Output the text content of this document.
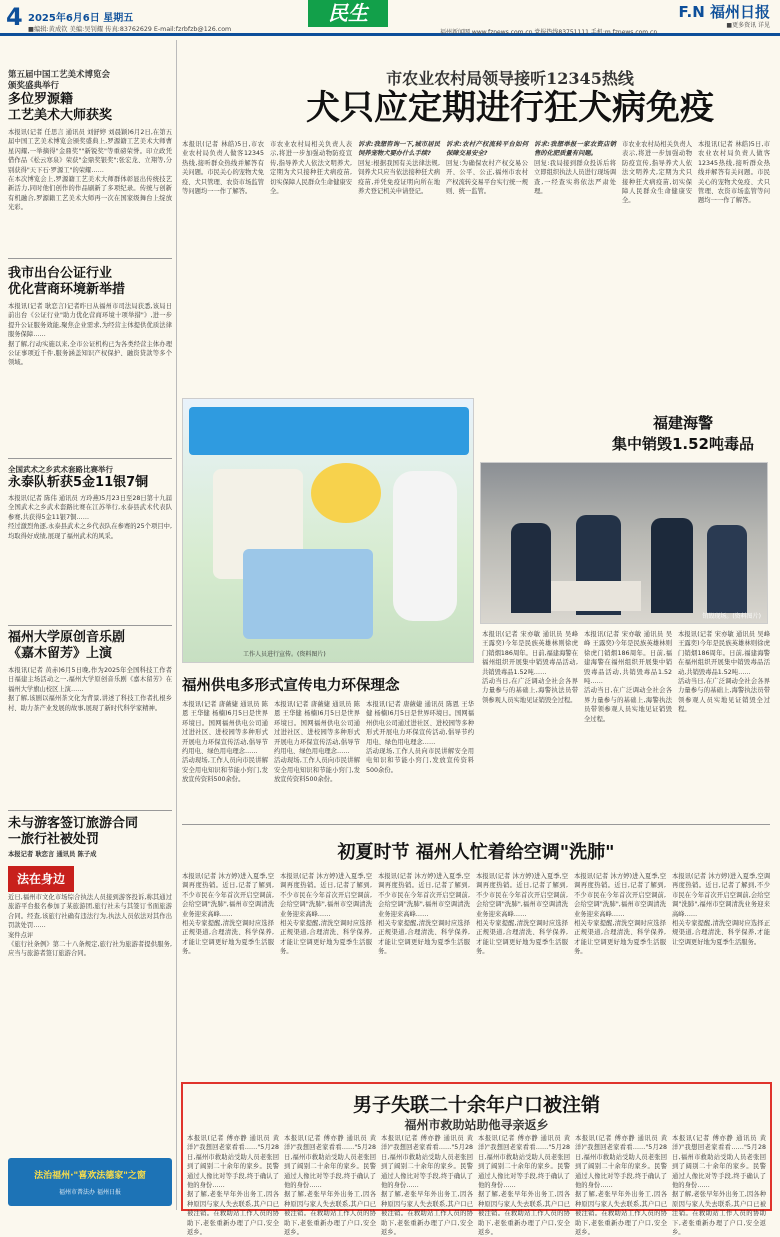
4 2025年6月6日 星期五
■编辑:黄成钦 美编:吴钊耀 传真:83762629 E-mail:fzrbfzb@126.com
民生	F.N 福州日报
■更多资讯 详见
福州新闻网 www.fznews.com.cn 党报热线83751111 手机:m.fznews.com.cn
第五届中国工艺美术博览会
颁奖盛典举行
多位罗源籍
工艺美术大师获奖
本报讯(记者 任思言 通讯员 刘舒婷 刘晨颖)6月2日,在第五届中国工艺美术博览会颁奖盛典上,罗源籍工艺美术大师曹星闪耀,一举摘得"金鼎奖""新锐奖"等重磅荣誉。印立政凭借作品《松云寒泉》荣获"金鼎奖银奖";张宏龙、立翔等,分别获得"天下石·罗源工"的荣耀……
在本次博览会上,罗源籍工艺美术大师群体彰显出传统技艺新活力,同时他们创作的作品刷新了多项纪录。传统与创新有机融合,罗源籍工艺美术大师再一次在国家级舞台上绽放光彩。
我市出台公证行业
优化营商环境新举措
本报讯(记者 耿恋言)记者昨日从福州市司法局获悉,该局日前出台《公证行业"助力优化营商环境十项举措"》,进一步提升公证服务效能,聚焦企业需求,为经营主体提供优质法律服务保障……
据了解,行动实施以来,全市公证机构已为各类经营主体办理公证事项近千件,服务涵盖知识产权保护、融资贷款等多个领域。
全国武术之乡武术套路比赛举行
永泰队斩获5金11银7铜
本报讯(记者 陈伟 通讯员 方玲燕)5月23日至28日第十九届全国武术之乡武术套路比赛在江苏举行,永泰县武术代表队参赛,共获得5金11银7铜……
经过激烈角逐,永泰县武术之乡代表队在参赛的25个项目中,均取得好成绩,展现了福州武术的风采。
福州大学原创音乐剧
《嘉木留芳》上演
本报讯(记者 黄赤)6月5日晚,作为2025年全国科技工作者日福建主场活动之一,福州大学原创音乐剧《嘉木留芳》在福州大学旗山校区上演……
据了解,该剧以福州茶文化为背景,讲述了科技工作者扎根乡村、助力茶产业发展的故事,展现了新时代科学家精神。
未与游客签订旅游合同
一旅行社被处罚
本报记者 耿恋言 通讯员 陈子成
法在身边
近日,福州市文化市场综合执法人员接到游客投诉,称其通过旅游平台报名参加了某旅游团,旅行社未与其签订书面旅游合同。经查,该旅行社确有违法行为,执法人员依法对其作出罚款处罚……
案件点评
《旅行社条例》第二十八条规定,旅行社为旅游者提供服务,应当与旅游者签订旅游合同。
法治福州·"喜欢法德家"之窗
福州市普法办 福州日报
市农业农村局领导接听12345热线
犬只应定期进行狂犬病免疫
本报讯(记者 林皓)5日,市农业农村局负责人做客12345热线,接听群众热线并解答有关问题。市民关心的宠物犬免疫、犬只管理、农资市场监管等问题均一一作了解答。
市农业农村局相关负责人表示,将进一步加强动物防疫宣传,指导养犬人依法文明养犬,定期为犬只接种狂犬病疫苗,切实保障人民群众生命健康安全。
诉求:我想咨询一下,城市居民饲养宠物犬要办什么手续?
回复:根据我国有关法律法规,饲养犬只应当依法接种狂犬病疫苗,并凭免疫证明向所在地养犬登记机关申请登记。
诉求:农村产权流转平台如何保障交易安全?
回复:为确保农村产权交易公开、公平、公正,福州市农村产权流转交易平台实行统一规则、统一监管。
诉求:我想举报一家农资店销售的化肥质量有问题。
回复:我局接到群众投诉后将立即组织执法人员进行现场调查,一经查实将依法严肃处理。
市农业农村局相关负责人表示,将进一步加强动物防疫宣传,指导养犬人依法文明养犬,定期为犬只接种狂犬病疫苗,切实保障人民群众生命健康安全。
本报讯(记者 林皓)5日,市农业农村局负责人做客12345热线,接听群众热线并解答有关问题。市民关心的宠物犬免疫、犬只管理、农资市场监管等问题均一一作了解答。
福建海警
集中销毁1.52吨毒品
销毁现场。(资料图片)
本报讯(记者 宋亦敏 通讯员 吴峰 王露奕)今年是民族英雄林则徐虎门销烟186周年。日前,福建海警在福州组织开展集中销毁毒品活动,共销毁毒品1.52吨……
活动当日,在广泛调动全社会各界力量参与的基础上,海警执法员带领参观人员实地见证销毁全过程。
本报讯(记者 宋亦敏 通讯员 吴峰 王露奕)今年是民族英雄林则徐虎门销烟186周年。日前,福建海警在福州组织开展集中销毁毒品活动,共销毁毒品1.52吨……
活动当日,在广泛调动全社会各界力量参与的基础上,海警执法员带领参观人员实地见证销毁全过程。
本报讯(记者 宋亦敏 通讯员 吴峰 王露奕)今年是民族英雄林则徐虎门销烟186周年。日前,福建海警在福州组织开展集中销毁毒品活动,共销毁毒品1.52吨……
活动当日,在广泛调动全社会各界力量参与的基础上,海警执法员带领参观人员实地见证销毁全过程。
工作人员进行宣传。(资料图片)
福州供电多形式宣传电力环保理念
本报讯(记者 唐薇婕 通讯员 陈恩 王华健 杨楠)6月5日是世界环境日。国网福州供电公司通过进社区、进校园等多种形式开展电力环保宣传活动,倡导节约用电、绿色用电理念……
活动现场,工作人员向市民讲解安全用电知识和节能小窍门,发放宣传资料500余份。
本报讯(记者 唐薇婕 通讯员 陈恩 王华健 杨楠)6月5日是世界环境日。国网福州供电公司通过进社区、进校园等多种形式开展电力环保宣传活动,倡导节约用电、绿色用电理念……
活动现场,工作人员向市民讲解安全用电知识和节能小窍门,发放宣传资料500余份。
本报讯(记者 唐薇婕 通讯员 陈恩 王华健 杨楠)6月5日是世界环境日。国网福州供电公司通过进社区、进校园等多种形式开展电力环保宣传活动,倡导节约用电、绿色用电理念……
活动现场,工作人员向市民讲解安全用电知识和节能小窍门,发放宣传资料500余份。
初夏时节 福州人忙着给空调"洗肺"
本报讯(记者 沐方婷)进入夏季,空调再度热销。近日,记者了解到,不少市民在今年首次开启空调前,会给空调"洗肺",福州市空调清洗业务迎来高峰……
相关专家提醒,清洗空调时应选择正规渠道,合理清洗、科学保养,才能让空调更好地为夏季生活服务。
本报讯(记者 沐方婷)进入夏季,空调再度热销。近日,记者了解到,不少市民在今年首次开启空调前,会给空调"洗肺",福州市空调清洗业务迎来高峰……
相关专家提醒,清洗空调时应选择正规渠道,合理清洗、科学保养,才能让空调更好地为夏季生活服务。
本报讯(记者 沐方婷)进入夏季,空调再度热销。近日,记者了解到,不少市民在今年首次开启空调前,会给空调"洗肺",福州市空调清洗业务迎来高峰……
相关专家提醒,清洗空调时应选择正规渠道,合理清洗、科学保养,才能让空调更好地为夏季生活服务。
本报讯(记者 沐方婷)进入夏季,空调再度热销。近日,记者了解到,不少市民在今年首次开启空调前,会给空调"洗肺",福州市空调清洗业务迎来高峰……
相关专家提醒,清洗空调时应选择正规渠道,合理清洗、科学保养,才能让空调更好地为夏季生活服务。
本报讯(记者 沐方婷)进入夏季,空调再度热销。近日,记者了解到,不少市民在今年首次开启空调前,会给空调"洗肺",福州市空调清洗业务迎来高峰……
相关专家提醒,清洗空调时应选择正规渠道,合理清洗、科学保养,才能让空调更好地为夏季生活服务。
本报讯(记者 沐方婷)进入夏季,空调再度热销。近日,记者了解到,不少市民在今年首次开启空调前,会给空调"洗肺",福州市空调清洗业务迎来高峰……
相关专家提醒,清洗空调时应选择正规渠道,合理清洗、科学保养,才能让空调更好地为夏季生活服务。
男子失联二十余年户口被注销
福州市救助站助他寻亲返乡
本报讯(记者 傅亦静 通讯员 黄洋)"我想回老家看看……"5月28日,福州市救助站受助人员老张回到了阔别二十余年的家乡。民警通过人像比对等手段,终于确认了他的身份……
据了解,老张早年外出务工,因各种原因与家人失去联系,其户口已被注销。在救助站工作人员的协助下,老张重新办理了户口,安全返乡。
本报讯(记者 傅亦静 通讯员 黄洋)"我想回老家看看……"5月28日,福州市救助站受助人员老张回到了阔别二十余年的家乡。民警通过人像比对等手段,终于确认了他的身份……
据了解,老张早年外出务工,因各种原因与家人失去联系,其户口已被注销。在救助站工作人员的协助下,老张重新办理了户口,安全返乡。
本报讯(记者 傅亦静 通讯员 黄洋)"我想回老家看看……"5月28日,福州市救助站受助人员老张回到了阔别二十余年的家乡。民警通过人像比对等手段,终于确认了他的身份……
据了解,老张早年外出务工,因各种原因与家人失去联系,其户口已被注销。在救助站工作人员的协助下,老张重新办理了户口,安全返乡。
本报讯(记者 傅亦静 通讯员 黄洋)"我想回老家看看……"5月28日,福州市救助站受助人员老张回到了阔别二十余年的家乡。民警通过人像比对等手段,终于确认了他的身份……
据了解,老张早年外出务工,因各种原因与家人失去联系,其户口已被注销。在救助站工作人员的协助下,老张重新办理了户口,安全返乡。
本报讯(记者 傅亦静 通讯员 黄洋)"我想回老家看看……"5月28日,福州市救助站受助人员老张回到了阔别二十余年的家乡。民警通过人像比对等手段,终于确认了他的身份……
据了解,老张早年外出务工,因各种原因与家人失去联系,其户口已被注销。在救助站工作人员的协助下,老张重新办理了户口,安全返乡。
本报讯(记者 傅亦静 通讯员 黄洋)"我想回老家看看……"5月28日,福州市救助站受助人员老张回到了阔别二十余年的家乡。民警通过人像比对等手段,终于确认了他的身份……
据了解,老张早年外出务工,因各种原因与家人失去联系,其户口已被注销。在救助站工作人员的协助下,老张重新办理了户口,安全返乡。
